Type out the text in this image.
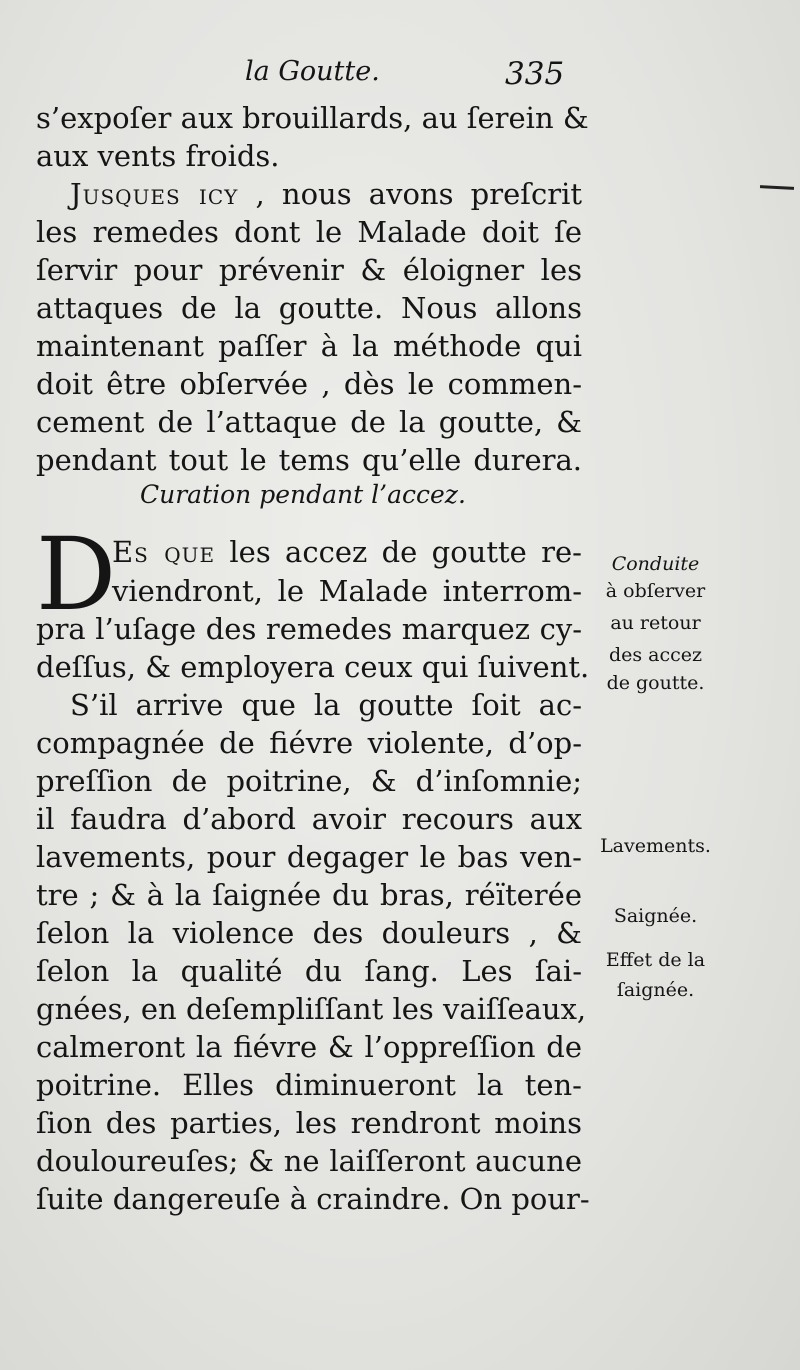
la Goutte.	335
s’expoſer aux brouillards, au ſerein &
aux vents froids.
Jusques icy , nous avons preſcrit
les remedes dont le Malade doit ſe
ſervir pour prévenir & éloigner les
attaques de la goutte. Nous allons
maintenant paſſer à la méthode qui
doit être obſervée , dès le commen-
cement de l’attaque de la goutte, &
pendant tout le tems qu’elle durera.
Curation pendant l’accez.
D
Es que les accez de goutte re-
viendront, le Malade interrom-
pra l’uſage des remedes marquez cy-
deſſus, & employera ceux qui ſuivent.
S’il arrive que la goutte ſoit ac-
compagnée de fiévre violente, d’op-
preſſion de poitrine, & d’inſomnie;
il faudra d’abord avoir recours aux
lavements, pour degager le bas ven-
tre ; & à la ſaignée du bras, réïterée
ſelon la violence des douleurs , &
ſelon la qualité du ſang. Les ſai-
gnées, en deſempliſſant les vaiſſeaux,
calmeront la fiévre & l’oppreſſion de
poitrine. Elles diminueront la ten-
ſion des parties, les rendront moins
douloureuſes; & ne laiſſeront aucune
ſuite dangereuſe à craindre. On pour-
Conduite
à obſerver
au retour
des accez
de goutte.
Lavements.
Saignée.
Effet de la
ſaignée.
